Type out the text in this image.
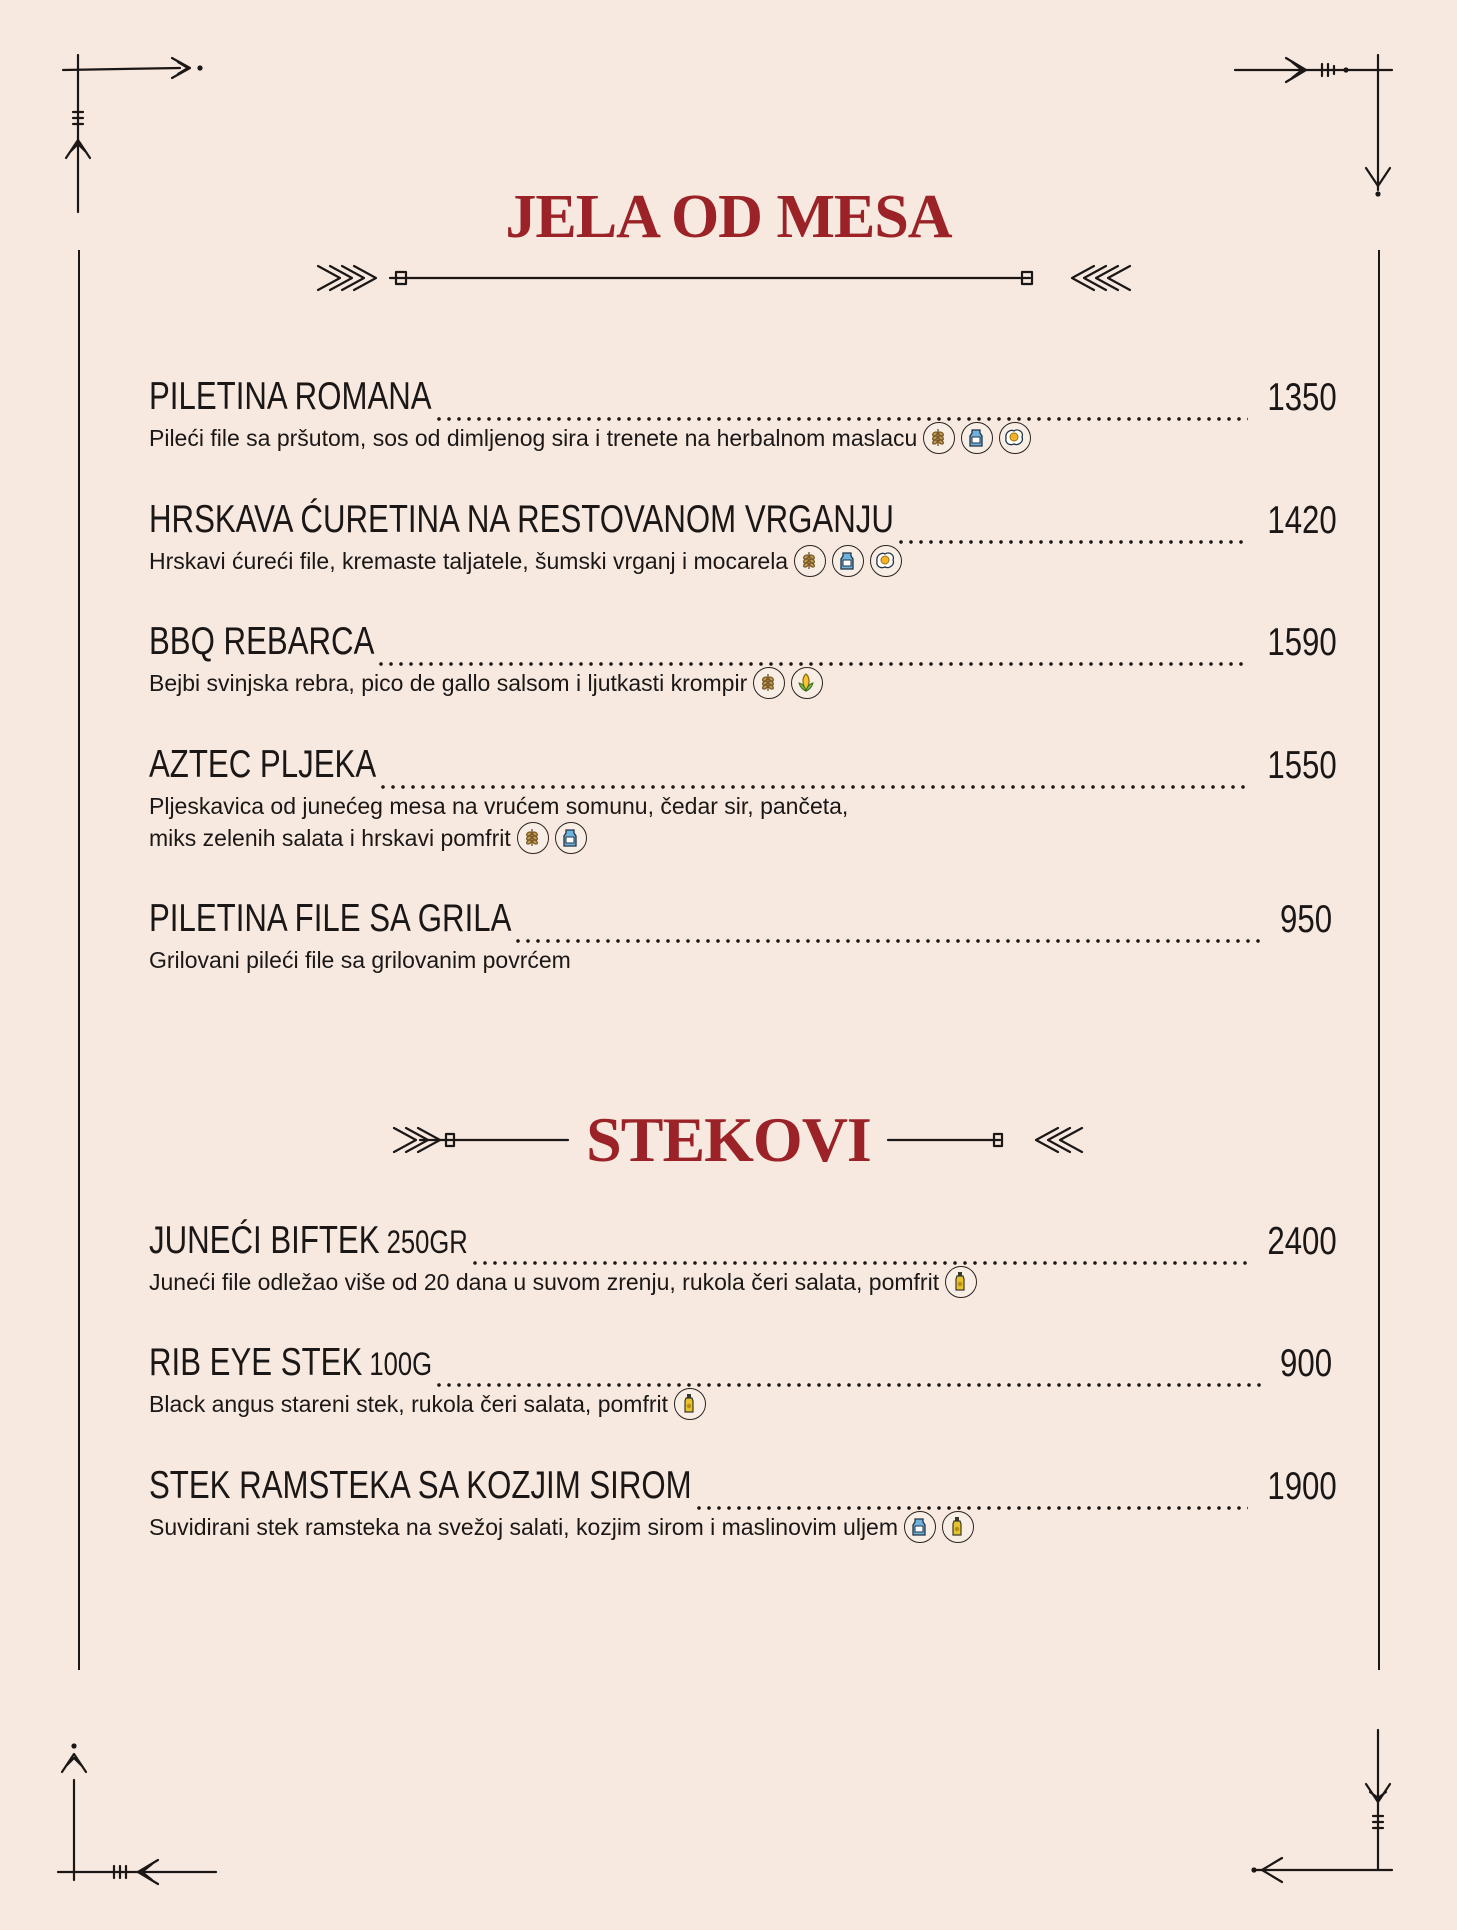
JELA OD MESA
STEKOVI
PILETINA ROMANA	1350
Pileći file sa pršutom, sos od dimljenog sira i trenete na herbalnom maslacu
HRSKAVA ĆURETINA NA RESTOVANOM VRGANJU	1420
Hrskavi ćureći file, kremaste taljatele, šumski vrganj i mocarela
BBQ REBARCA	1590
Bejbi svinjska rebra, pico de gallo salsom i ljutkasti krompir
AZTEC PLJEKA	1550
Pljeskavica od junećeg mesa na vrućem somunu, čedar sir, pančeta,
miks zelenih salata i hrskavi pomfrit
PILETINA FILE SA GRILA	950
Grilovani pileći file sa grilovanim povrćem
JUNEĆI BIFTEK 250GR	2400
Juneći file odležao više od 20 dana u suvom zrenju, rukola čeri salata, pomfrit
RIB EYE STEK 100G	900
Black angus stareni stek, rukola čeri salata, pomfrit
STEK RAMSTEKA SA KOZJIM SIROM	1900
Suvidirani stek ramsteka na svežoj salati, kozjim sirom i maslinovim uljem
